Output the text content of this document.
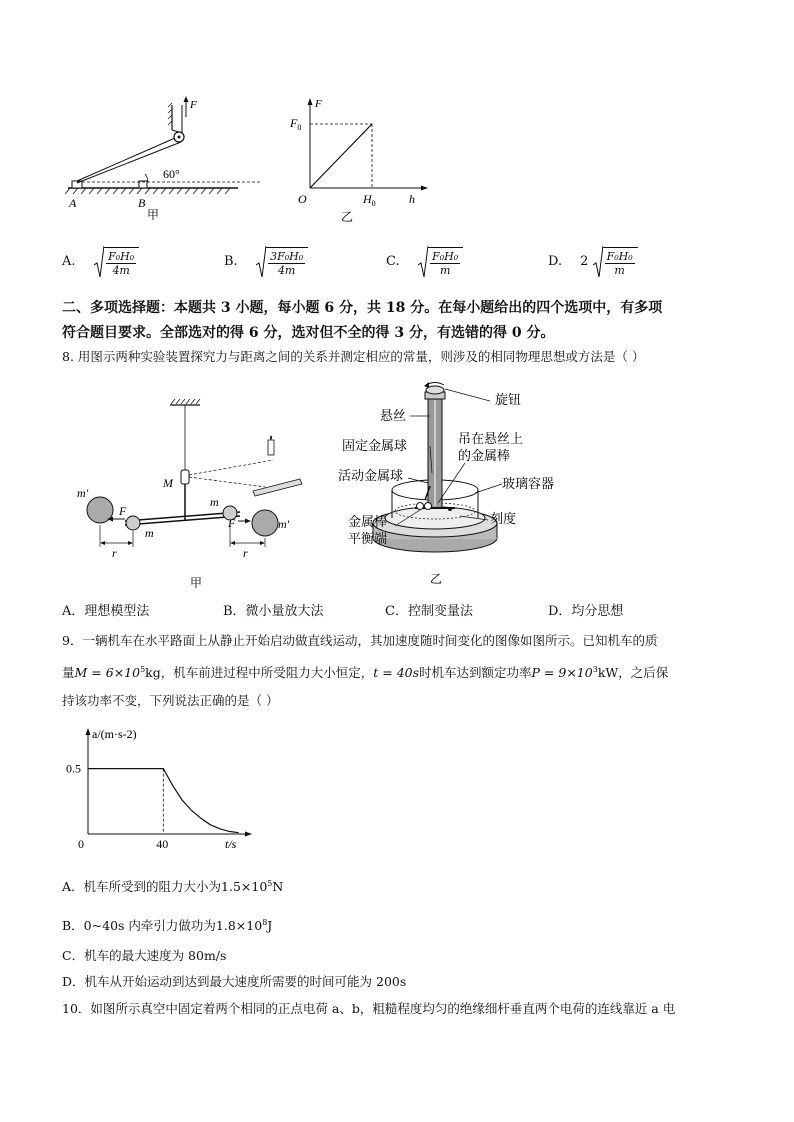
F
60°
A	B
甲
F
$F_0$
O	$H_0$	h
乙
A.	$\frac{\text{F₀H₀}}{4m}$	B.	$\frac{\text{3F₀H₀}}{4m}$	C.	$\frac{\text{F₀H₀}}{m}$	D. $2 \frac{\text{F₀H₀}}{m}$
二、多项选择题：本题共 3 小题，每小题 6 分，共 18 分。在每小题给出的四个选项中，有多项
符合题目要求。全部选对的得 6 分，选对但不全的得 3 分，有选错的得 0 分。
8. 用图示两种实验装置探究力与距离之间的关系并测定相应的常量，则涉及的相同物理思想或方法是（ ）
m′
m′
m
m
F
F
r	r
M
甲
旋钮
悬丝
固定金属球	吊在悬丝上
的金属棒
活动金属球
玻璃容器
刻度
金属棒
平衡端
乙
A．理想模型法	B．微小量放大法	C．控制变量法	D．均分思想
9．一辆机车在水平路面上从静止开始启动做直线运动，其加速度随时间变化的图像如图所示。已知机车的质
量$M = 6\times 10^5kg$，机车前进过程中所受阻力大小恒定，t = 40s时机车达到额定功率$P = 9\times 10^3kW$，之后保
持该功率不变，下列说法正确的是（ ）
a/(m·s-2)
t/s
0	40
0.5
A．机车所受到的阻力大小为$1.5\times 10^5N$
B．0~40s 内牵引力做功为$1.8\times 10^8J$
C．机车的最大速度为 80m/s
D．机车从开始运动到达到最大速度所需要的时间可能为 200s
10．如图所示真空中固定着两个相同的正点电荷 a、b，粗糙程度均匀的绝缘细杆垂直两个电荷的连线靠近 a 电
